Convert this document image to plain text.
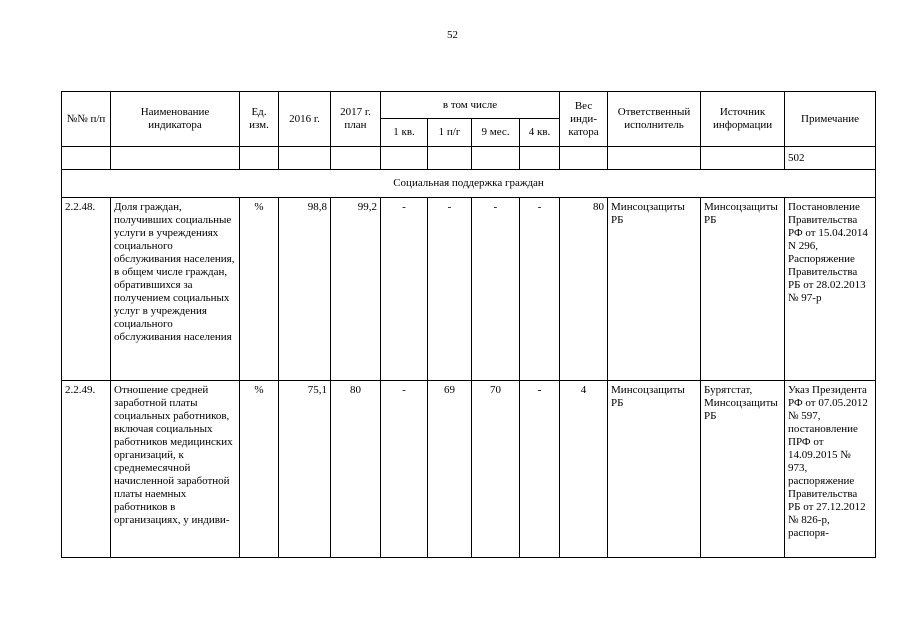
52
№№ п/п	Наименование индикатора	Ед. изм.	2016 г.	2017 г. план	в том числе				Вес инди-катора	Ответственный исполнитель	Источник информации	Примечание
					1 кв.	1 п/г	9 мес.	4 кв.				
												502
Социальная поддержка граждан												
2.2.48.	Доля граждан, получивших социальные услуги в учреждениях социального обслуживания населения, в общем числе граждан, обратившихся за получением социальных услуг в учреждения социального обслуживания населения	%	98,8	99,2	-	-	-	-	80	Минсоцзащиты РБ	Минсоцзащиты РБ	Постановление Правительства РФ от 15.04.2014 N 296, Распоряжение Правительства РБ от 28.02.2013 № 97-р
2.2.49.	Отношение средней заработной платы социальных работников, включая социальных работников медицинских организаций, к среднемесячной начисленной заработной платы наемных работников в организациях, у индиви-	%	75,1	80	-	69	70	-	4	Минсоцзащиты РБ	Бурятстат, Минсоцзащиты РБ	Указ Президента РФ от 07.05.2012 № 597, постановление ПРФ от 14.09.2015 № 973, распоряжение Правительства РБ от 27.12.2012 № 826-р, распоря-
